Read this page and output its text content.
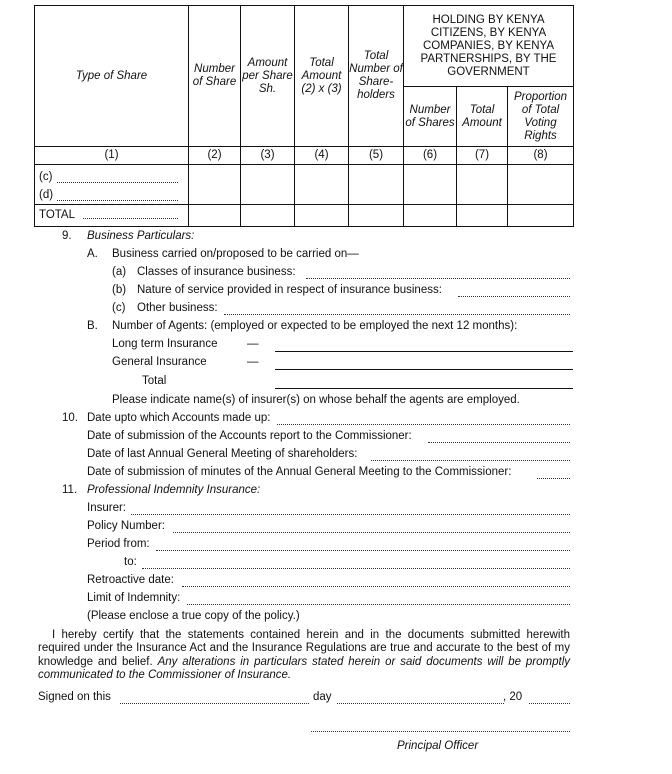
Type of Share	Number of Share	Amount per Share Sh.	Total Amount (2) x (3)	Total Number of Share-holders	HOLDING BY KENYA CITIZENS, BY KENYA COMPANIES, BY KENYA PARTNERSHIPS, BY THE GOVERNMENT		
					Number of Shares	Total Amount	Proportion of Total Voting Rights
(1)	(2)	(3)	(4)	(5)	(6)	(7)	(8)

(c)
(d)							

TOTAL							

9. Business Particulars:
A. Business carried on/proposed to be carried on—
(a) Classes of insurance business:
(b) Nature of service provided in respect of insurance business:
(c) Other business:
B. Number of Agents: (employed or expected to be employed the next 12 months):
Long term Insurance	—
General Insurance	—
Total
Please indicate name(s) of insurer(s) on whose behalf the agents are employed.
10. Date upto which Accounts made up:
Date of submission of the Accounts report to the Commissioner:
Date of last Annual General Meeting of shareholders:
Date of submission of minutes of the Annual General Meeting to the Commissioner:
11. Professional Indemnity Insurance:
Insurer:
Policy Number:
Period from:
to:
Retroactive date:
Limit of Indemnity:
(Please enclose a true copy of the policy.)
I hereby certify that the statements contained herein and in the documents submitted herewith required under the Insurance Act and the Insurance Regulations are true and accurate to the best of my knowledge and belief. Any alterations in particulars stated herein or said documents will be promptly communicated to the Commissioner of Insurance.
Signed on this	day	, 20
Principal Officer
